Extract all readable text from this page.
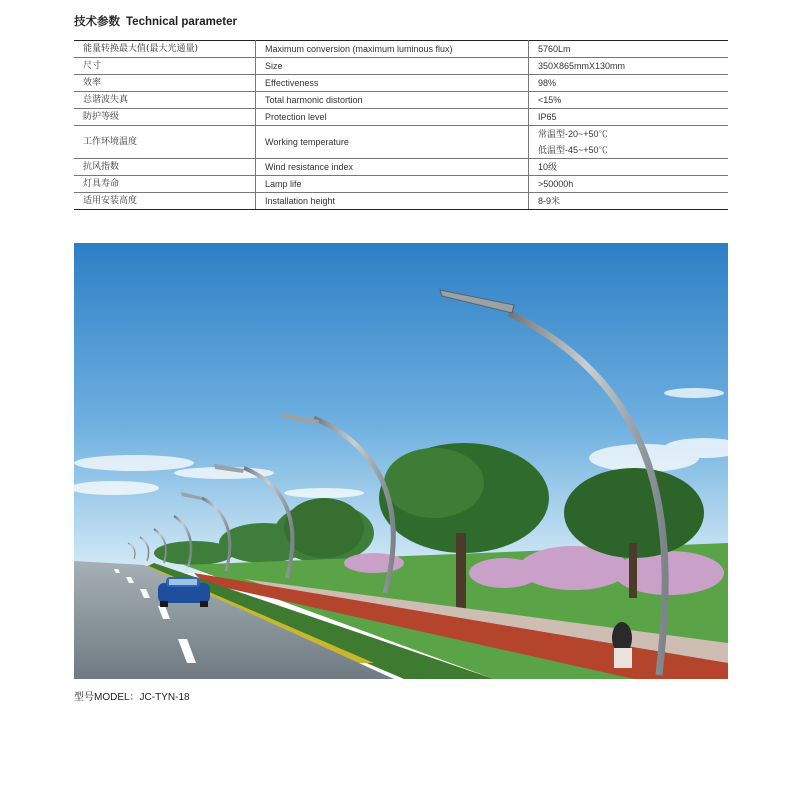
技术参数 Technical parameter
能量转换最大值(最大光通量)	Maximum conversion (maximum luminous flux)	5760Lm
尺寸	Size	350X865mmX130mm
效率	Effectiveness	98%
总谐波失真	Total harmonic distortion	<15%
防护等级	Protection level	IP65
工作环境温度	Working temperature	常温型-20~+50℃
低温型-45~+50℃

抗风指数	Wind resistance index	10级
灯具寿命	Lamp life	>50000h
适用安装高度	Installation height	8-9米
型号MODEL：JC-TYN-18
